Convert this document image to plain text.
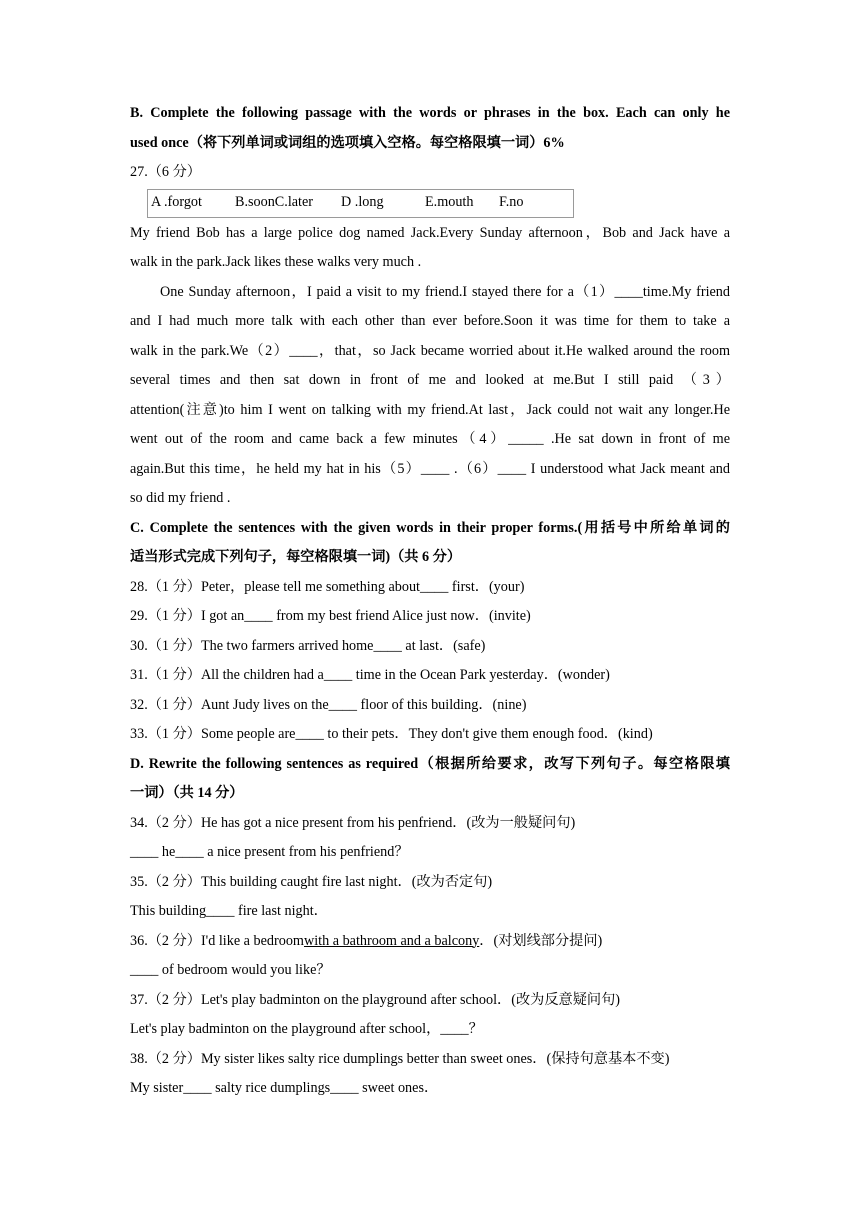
B. Complete the following passage with the words or phrases in the box. Each can only he
used once（将下列单词或词组的选项填入空格。每空格限填一词）6%
27.（6 分）
A .forgot B.soonC.later D .long	E.mouth F.no
My friend Bob has a large police dog named Jack.Every Sunday afternoon，Bob and Jack have a
walk in the park.Jack likes these walks very much .
One Sunday afternoon，I paid a visit to my friend.I stayed there for a（1）____time.My friend
and I had much more talk with each other than ever before.Soon it was time for them to take a
walk in the park.We（2）____，that，so Jack became worried about it.He walked around the room
several times and then sat down in front of me and looked at me.But I still paid （3）
attention(注意)to him I went on talking with my friend.At last，Jack could not wait any longer.He
went out of the room and came back a few minutes（4）_____ .He sat down in front of me
again.But this time，he held my hat in his（5）____ .（6）____ I understood what Jack meant and
so did my friend .
C. Complete the sentences with the given words in their proper forms.(用括号中所给单词的
适当形式完成下列句子，每空格限填一词)（共 6 分）
28.（1 分）Peter，please tell me something about____ first．(your)
29.（1 分）I got an____ from my best friend Alice just now．(invite)
30.（1 分）The two farmers arrived home____ at last．(safe)
31.（1 分）All the children had a____ time in the Ocean Park yesterday．(wonder)
32.（1 分）Aunt Judy lives on the____ floor of this building．(nine)
33.（1 分）Some people are____ to their pets．They don't give them enough food．(kind)
D. Rewrite the following sentences as required（根据所给要求，改写下列句子。每空格限填
一词）（共 14 分）
34.（2 分）He has got a nice present from his penfriend．(改为一般疑问句)
____ he____ a nice present from his penfriend？
35.（2 分）This building caught fire last night．(改为否定句)
This building____ fire last night．
36.（2 分）I'd like a bedroomwith a bathroom and a balcony．(对划线部分提问)
____ of bedroom would you like？
37.（2 分）Let's play badminton on the playground after school．(改为反意疑问句)
Let's play badminton on the playground after school，____？
38.（2 分）My sister likes salty rice dumplings better than sweet ones．(保持句意基本不变)
My sister____ salty rice dumplings____ sweet ones．
